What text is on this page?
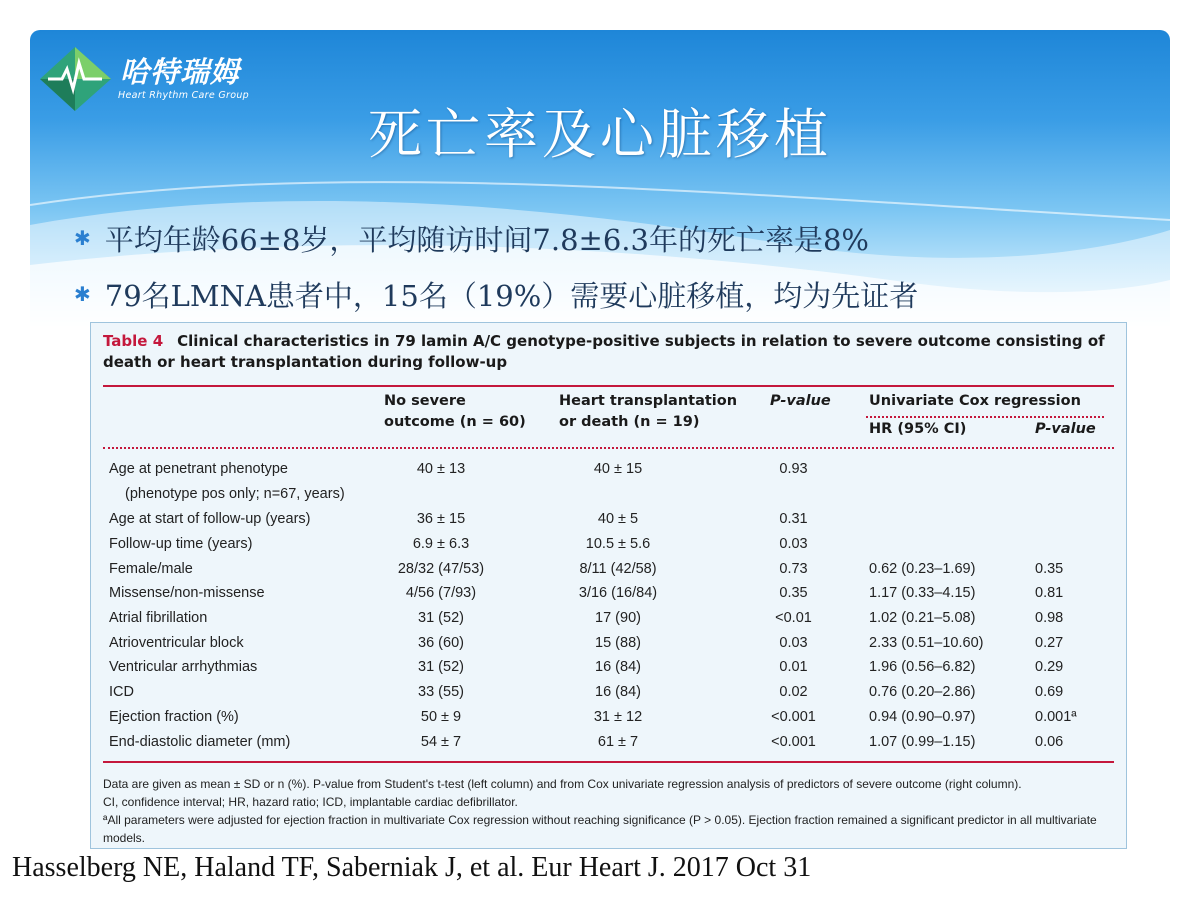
哈特瑞姆
Heart Rhythm Care Group
死亡率及心脏移植
✱ 平均年龄66±8岁，平均随访时间7.8±6.3年的死亡率是8%
✱ 79名LMNA患者中，15名（19%）需要心脏移植，均为先证者
Table 4 Clinical characteristics in 79 lamin A/C genotype-positive subjects in relation to severe outcome consisting of death or heart transplantation during follow-up
No severe
outcome (n = 60)
Heart transplantation
or death (n = 19)
P-value	Univariate Cox regression
HR (95% CI)	P-value
Age at penetrant phenotype	40 ± 13	40 ± 15	0.93
(phenotype pos only; n=67, years)
Age at start of follow-up (years)	36 ± 15	40 ± 5	0.31
Follow-up time (years)	6.9 ± 6.3	10.5 ± 5.6	0.03
Female/male	28/32 (47/53)	8/11 (42/58)	0.73	0.62 (0.23–1.69)	0.35
Missense/non-missense	4/56 (7/93)	3/16 (16/84)	0.35	1.17 (0.33–4.15)	0.81
Atrial fibrillation	31 (52)	17 (90)	<0.01	1.02 (0.21–5.08)	0.98
Atrioventricular block	36 (60)	15 (88)	0.03	2.33 (0.51–10.60)	0.27
Ventricular arrhythmias	31 (52)	16 (84)	0.01	1.96 (0.56–6.82)	0.29
ICD	33 (55)	16 (84)	0.02	0.76 (0.20–2.86)	0.69
Ejection fraction (%)	50 ± 9	31 ± 12	<0.001	0.94 (0.90–0.97)	0.001ª
End-diastolic diameter (mm)	54 ± 7	61 ± 7	<0.001	1.07 (0.99–1.15)	0.06
Data are given as mean ± SD or n (%). P-value from Student's t-test (left column) and from Cox univariate regression analysis of predictors of severe outcome (right column).
CI, confidence interval; HR, hazard ratio; ICD, implantable cardiac defibrillator.
ªAll parameters were adjusted for ejection fraction in multivariate Cox regression without reaching significance (P > 0.05). Ejection fraction remained a significant predictor in all multivariate models.
Hasselberg NE, Haland TF, Saberniak J, et al. Eur Heart J. 2017 Oct 31
